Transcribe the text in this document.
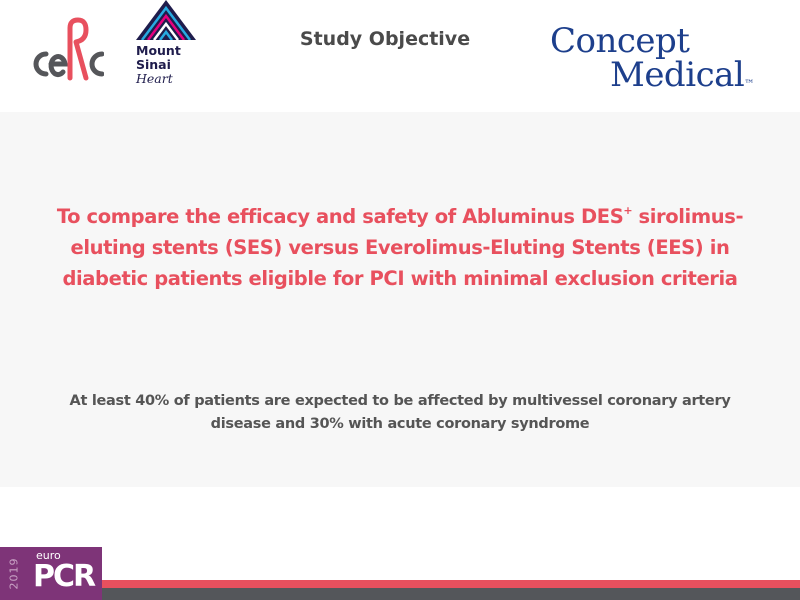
Mount
Sinai
Heart
Study Objective	Concept
Medical™
To compare the efficacy and safety of Abluminus DES+ sirolimus-eluting stents (SES) versus Everolimus-Eluting Stents (EES) in diabetic patients eligible for PCI with minimal exclusion criteria
At least 40% of patients are expected to be affected by multivessel coronary artery disease and 30% with acute coronary syndrome
2019
euro
PCR
